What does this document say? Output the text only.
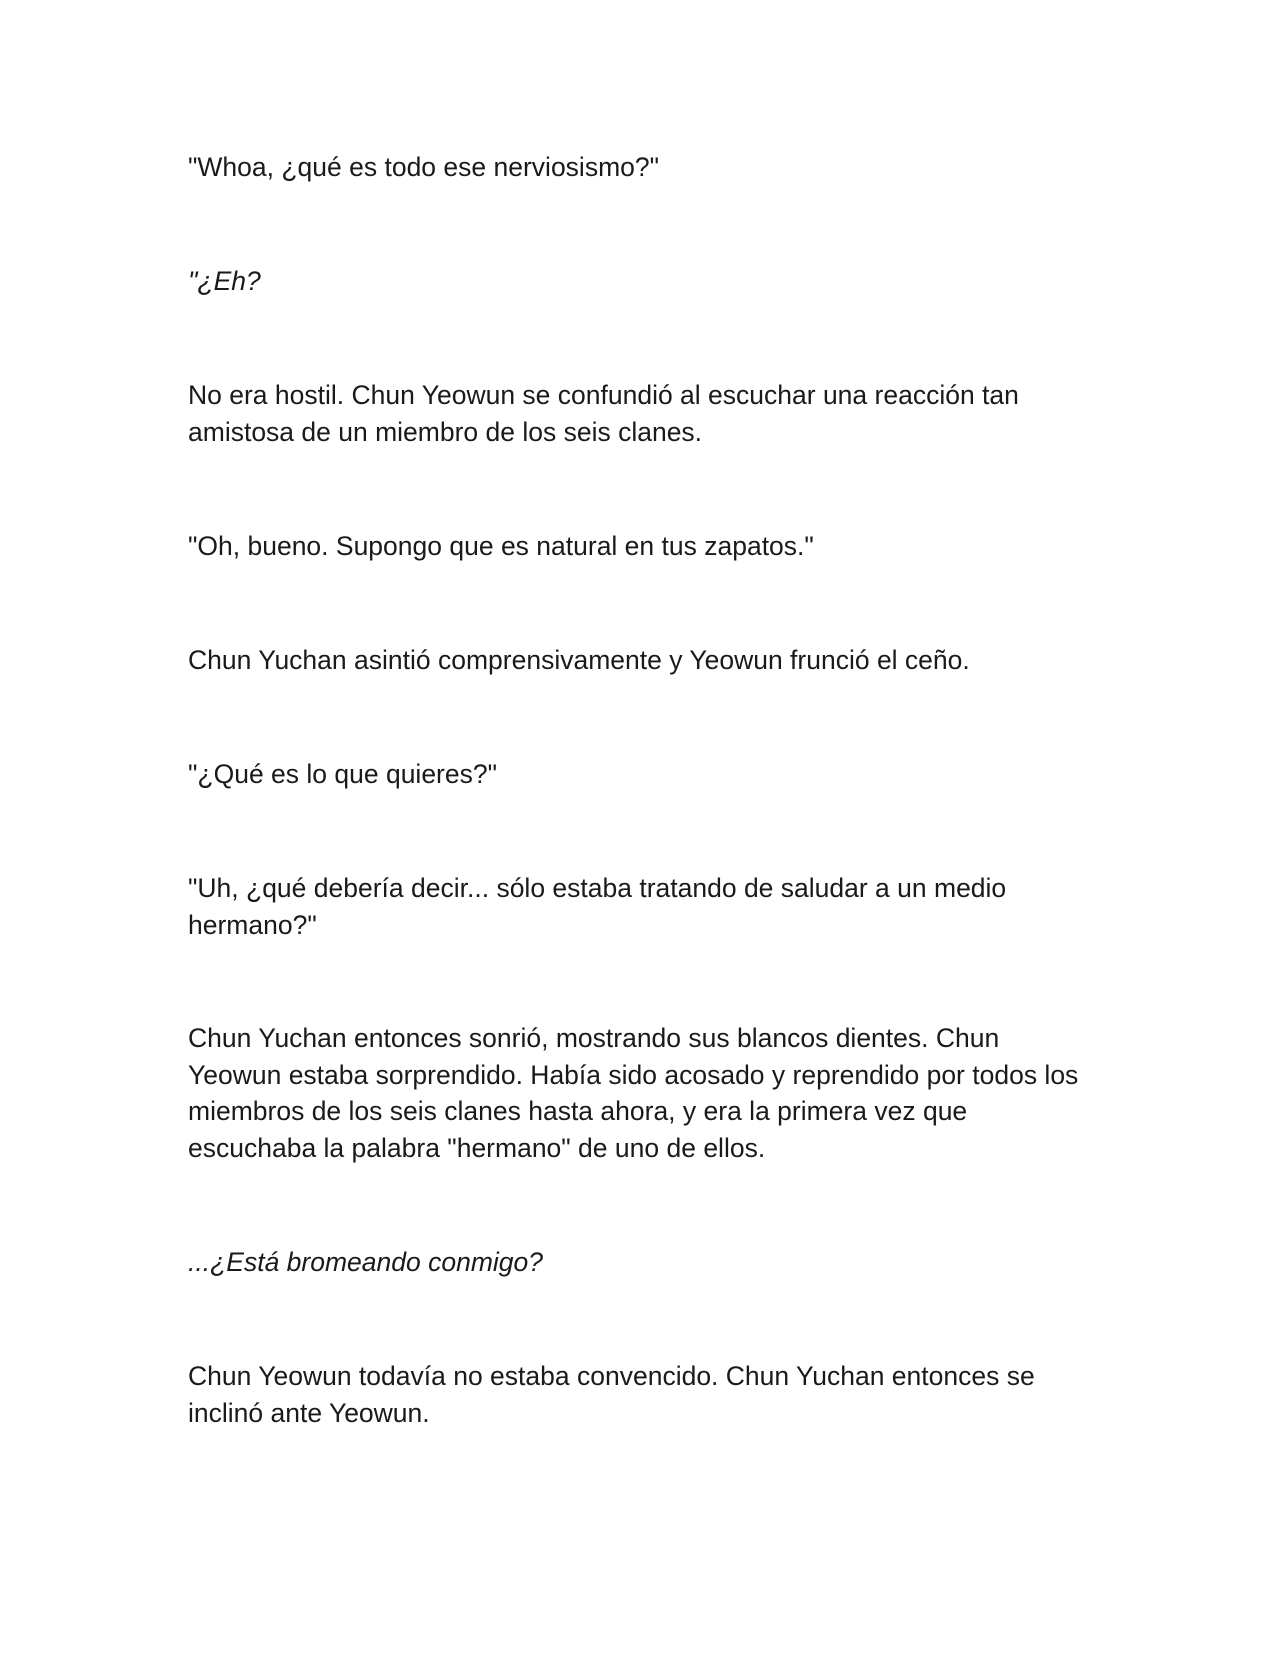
"Whoa, ¿qué es todo ese nerviosismo?"

"¿Eh?

No era hostil. Chun Yeowun se confundió al escuchar una reacción tan amistosa de un miembro de los seis clanes.

"Oh, bueno. Supongo que es natural en tus zapatos."

Chun Yuchan asintió comprensivamente y Yeowun frunció el ceño.

"¿Qué es lo que quieres?"

"Uh, ¿qué debería decir... sólo estaba tratando de saludar a un medio hermano?"

Chun Yuchan entonces sonrió, mostrando sus blancos dientes. Chun Yeowun estaba sorprendido. Había sido acosado y reprendido por todos los miembros de los seis clanes hasta ahora, y era la primera vez que escuchaba la palabra "hermano" de uno de ellos.

...¿Está bromeando conmigo?

Chun Yeowun todavía no estaba convencido. Chun Yuchan entonces se inclinó ante Yeowun.
